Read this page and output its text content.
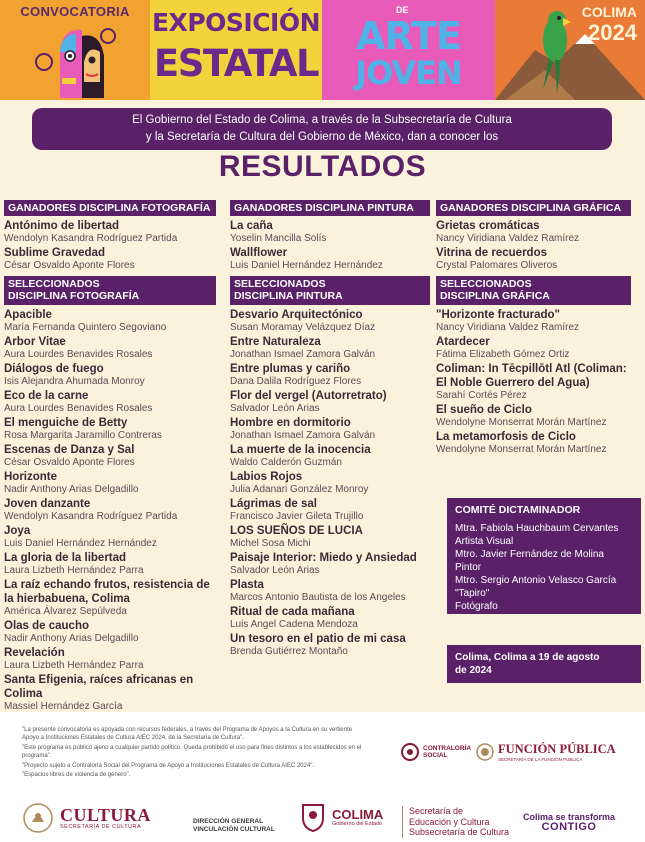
CONVOCATORIA EXPOSICIÓN
ESTATAL
DE
ARTE
JOVEN
COLIMA
2024
El Gobierno del Estado de Colima, a través de la Subsecretaría de Cultura
y la Secretaría de Cultura del Gobierno de México, dan a conocer los
RESULTADOS
GANADORES DISCIPLINA FOTOGRAFÍA
Antónimo de libertad
Wendolyn Kasandra Rodríguez Partida
Sublime Gravedad
César Osvaldo Aponte Flores
SELECCIONADOS
DISCIPLINA FOTOGRAFÍA
Apacible
María Fernanda Quintero Segoviano
Arbor Vitae
Aura Lourdes Benavides Rosales
Diálogos de fuego
Isis Alejandra Ahumada Monroy
Eco de la carne
Aura Lourdes Benavides Rosales
El menguiche de Betty
Rosa Margarita Jaramillo Contreras
Escenas de Danza y Sal
César Osvaldo Aponte Flores
Horizonte
Nadir Anthony Arias Delgadillo
Joven danzante
Wendolyn Kasandra Rodríguez Partida
Joya
Luis Daniel Hernández Hernández
La gloria de la libertad
Laura Lizbeth Hernández Parra
La raíz echando frutos, resistencia de la hierbabuena, Colima
América Álvarez Sepúlveda
Olas de caucho
Nadir Anthony Arias Delgadillo
Revelación
Laura Lizbeth Hernández Parra
Santa Efigenia, raíces africanas en Colima
Massiel Hernández García
GANADORES DISCIPLINA PINTURA
La caña
Yoselin Mancilla Solís
Wallflower
Luis Daniel Hernández Hernández
SELECCIONADOS
DISCIPLINA PINTURA
Desvario Arquitectónico
Susan Moramay Velázquez Díaz
Entre Naturaleza
Jonathan Ismael Zamora Galván
Entre plumas y cariño
Dana Dalila Rodríguez Flores
Flor del vergel (Autorretrato)
Salvador León Arias
Hombre en dormitorio
Jonathan Ismael Zamora Galván
La muerte de la inocencia
Waldo Calderón Guzmán
Labios Rojos
Julia Adanari González Monroy
Lágrimas de sal
Francisco Javier Gileta Trujillo
LOS SUEÑOS DE LUCIA
Michel Sosa Michi
Paisaje Interior: Miedo y Ansiedad
Salvador León Arias
Plasta
Marcos Antonio Bautista de los Angeles
Ritual de cada mañana
Luis Angel Cadena Mendoza
Un tesoro en el patio de mi casa
Brenda Gutiérrez Montaño
GANADORES DISCIPLINA GRÁFICA
Grietas cromáticas
Nancy Viridiana Valdez Ramírez
Vitrina de recuerdos
Crystal Palomares Oliveros
SELECCIONADOS
DISCIPLINA GRÁFICA
"Horizonte fracturado"
Nancy Viridiana Valdez Ramírez
Atardecer
Fátima Elizabeth Gómez Ortiz
Coliman: In Tēcpillōtl Atl (Coliman: El Noble Guerrero del Agua)
Sarahí Cortés Pérez
El sueño de Ciclo
Wendolyne Monserrat Morán Martínez
La metamorfosis de Ciclo
Wendolyne Monserrat Morán Martínez
COMITÉ DICTAMINADOR
Mtra. Fabiola Hauchbaum Cervantes
Artista Visual
Mtro. Javier Fernández de Molina
Pintor
Mtro. Sergio Antonio Velasco García
"Tapiro"
Fotógrafo
Colima, Colima a 19 de agosto
de 2024
"La presente convocatoria es apoyada con recursos federales, a través del Programa de Apoyos a la Cultura en su vertiente Apoyo a Instituciones Estatales de Cultura AIEC 2024, de la Secretaría de Cultura".
"Este programa es público ajeno a cualquier partido político. Queda prohibido el uso para fines distintos a los establecidos en el programa".
"Proyecto sujeto a Contraloría Social del Programa de Apoyo a Instituciones Estatales de Cultura AIEC 2024".
"Espacios libres de violencia de género".
CONTRALORÍA
SOCIAL	FUNCIÓN PÚBLICA
SECRETARÍA DE LA FUNCIÓN PÚBLICA
CULTURA
SECRETARÍA DE CULTURA
DIRECCIÓN GENERAL
VINCULACIÓN CULTURAL
COLIMA
Gobierno del Estado
Secretaría de
Educación y Cultura
Subsecretaría de Cultura
Colima se transforma
CONTIGO
